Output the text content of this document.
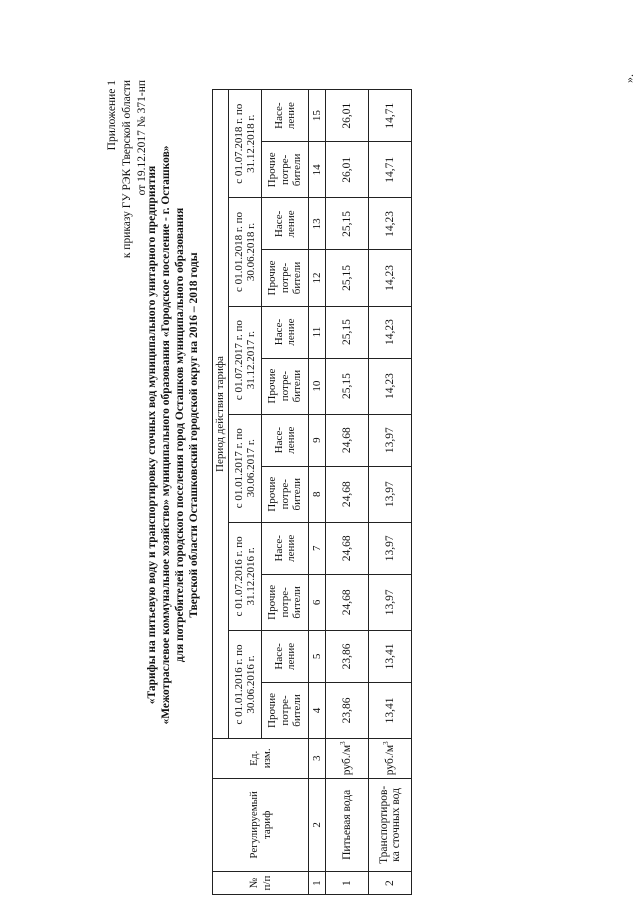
Приложение 1 к приказу ГУ РЭК Тверской области от 19.12.2017 № 371-нп
«Тарифы на питьевую воду и транспортировку сточных вод муниципального унитарного предприятия «Межотраслевое коммунальное хозяйство» муниципального образования «Городское поселение - г. Осташков» для потребителей городского поселения город Осташков муниципального образования Тверской области Осташковский городской округ на 2016 – 2018 годы
№ п/п	Регулируемый тариф	Ед. изм.	Период действия тарифа											
			с 01.01.2016 г. по 30.06.2016 г.		с 01.07.2016 г. по 31.12.2016 г.		с 01.01.2017 г. по 30.06.2017 г.		с 01.07.2017 г. по 31.12.2017 г.		с 01.01.2018 г. по 30.06.2018 г.		с 01.07.2018 г. по 31.12.2018 г.	
			Прочие потре-бители	Насе-ление	Прочие потре-бители	Насе-ление	Прочие потре-бители	Насе-ление	Прочие потре-бители	Насе-ление	Прочие потре-бители	Насе-ление	Прочие потре-бители	Насе-ление
1	2	3	4	5	6	7	8	9	10	11	12	13	14	15
1	Питьевая вода	$руб./м^3$	23,86	23,86	24,68	24,68	24,68	24,68	25,15	25,15	25,15	25,15	26,01	26,01
2	Транспортиров-ка сточных вод	$руб./м^3$	13,41	13,41	13,97	13,97	13,97	13,97	14,23	14,23	14,23	14,23	14,71	14,71
».
